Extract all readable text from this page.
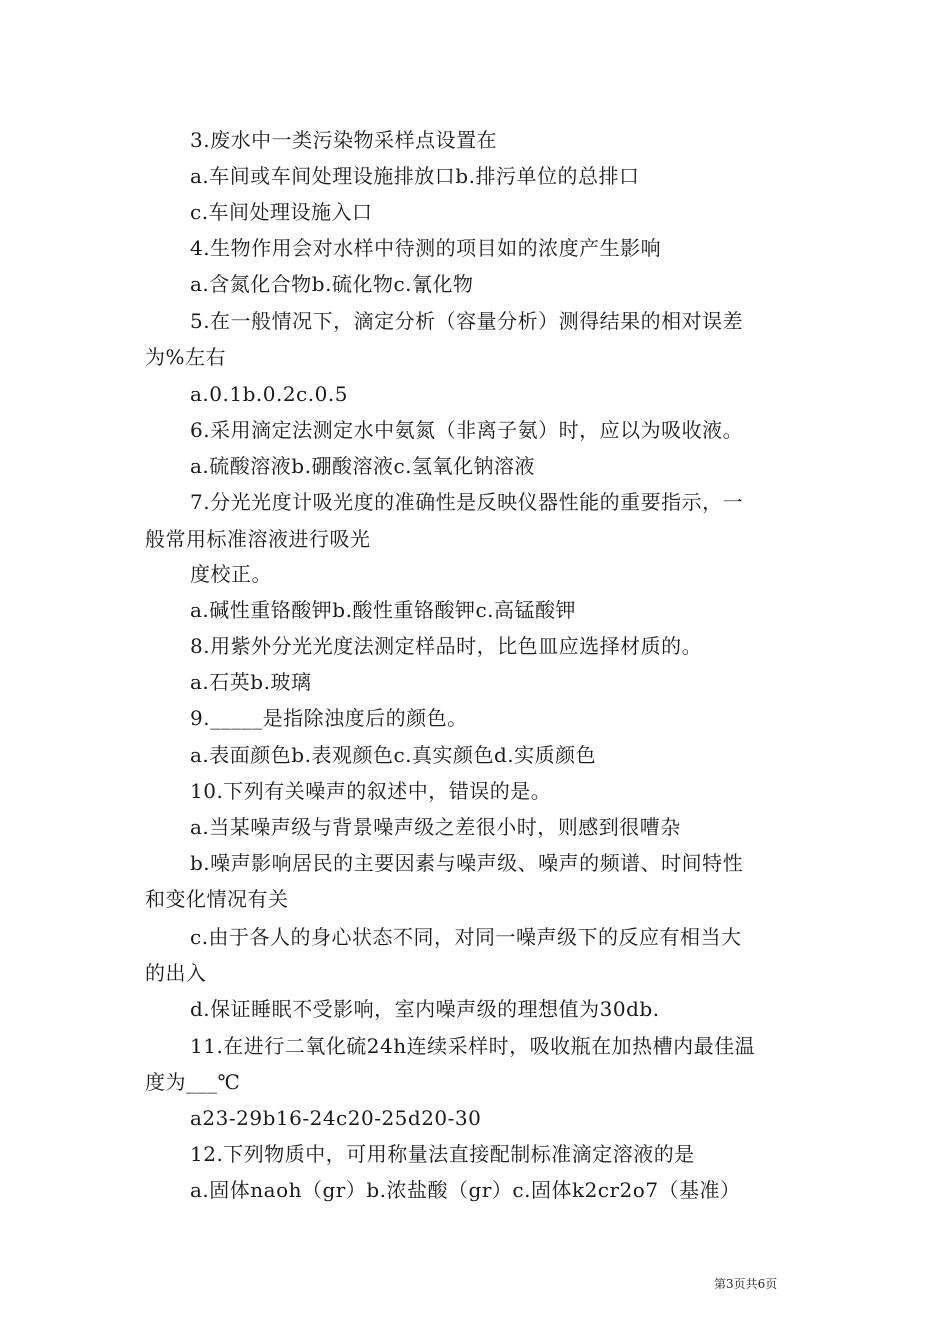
3.废水中一类污染物采样点设置在
a.车间或车间处理设施排放口b.排污单位的总排口
c.车间处理设施入口
4.生物作用会对水样中待测的项目如的浓度产生影响
a.含氮化合物b.硫化物c.氰化物
5.在一般情况下，滴定分析（容量分析）测得结果的相对误差
为%左右
a.0.1b.0.2c.0.5
6.采用滴定法测定水中氨氮（非离子氨）时，应以为吸收液。
a.硫酸溶液b.硼酸溶液c.氢氧化钠溶液
7.分光光度计吸光度的准确性是反映仪器性能的重要指示，一
般常用标准溶液进行吸光
度校正。
a.碱性重铬酸钾b.酸性重铬酸钾c.高锰酸钾
8.用紫外分光光度法测定样品时，比色皿应选择材质的。
a.石英b.玻璃
9._____是指除浊度后的颜色。
a.表面颜色b.表观颜色c.真实颜色d.实质颜色
10.下列有关噪声的叙述中，错误的是。
a.当某噪声级与背景噪声级之差很小时，则感到很嘈杂
b.噪声影响居民的主要因素与噪声级、噪声的频谱、时间特性
和变化情况有关
c.由于各人的身心状态不同，对同一噪声级下的反应有相当大
的出入
d.保证睡眠不受影响，室内噪声级的理想值为30db.
11.在进行二氧化硫24h连续采样时，吸收瓶在加热槽内最佳温
度为___℃
a23-29b16-24c20-25d20-30
12.下列物质中，可用称量法直接配制标准滴定溶液的是
a.固体naoh（gr）b.浓盐酸（gr）c.固体k2cr2o7（基准）
第3页共6页
